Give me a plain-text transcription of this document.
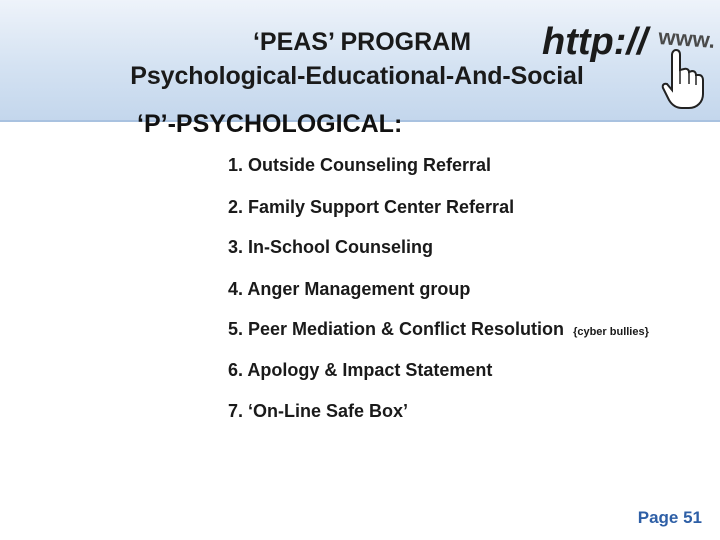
http:// www.
‘PEAS’ PROGRAM
Psychological-Educational-And-Social
‘P’-PSYCHOLOGICAL:
1. Outside Counseling Referral
2. Family Support Center Referral
3. In-School Counseling
4. Anger Management group
5. Peer Mediation & Conflict Resolution {cyber bullies}
6. Apology & Impact Statement
7. ‘On-Line Safe Box’
Page 51
